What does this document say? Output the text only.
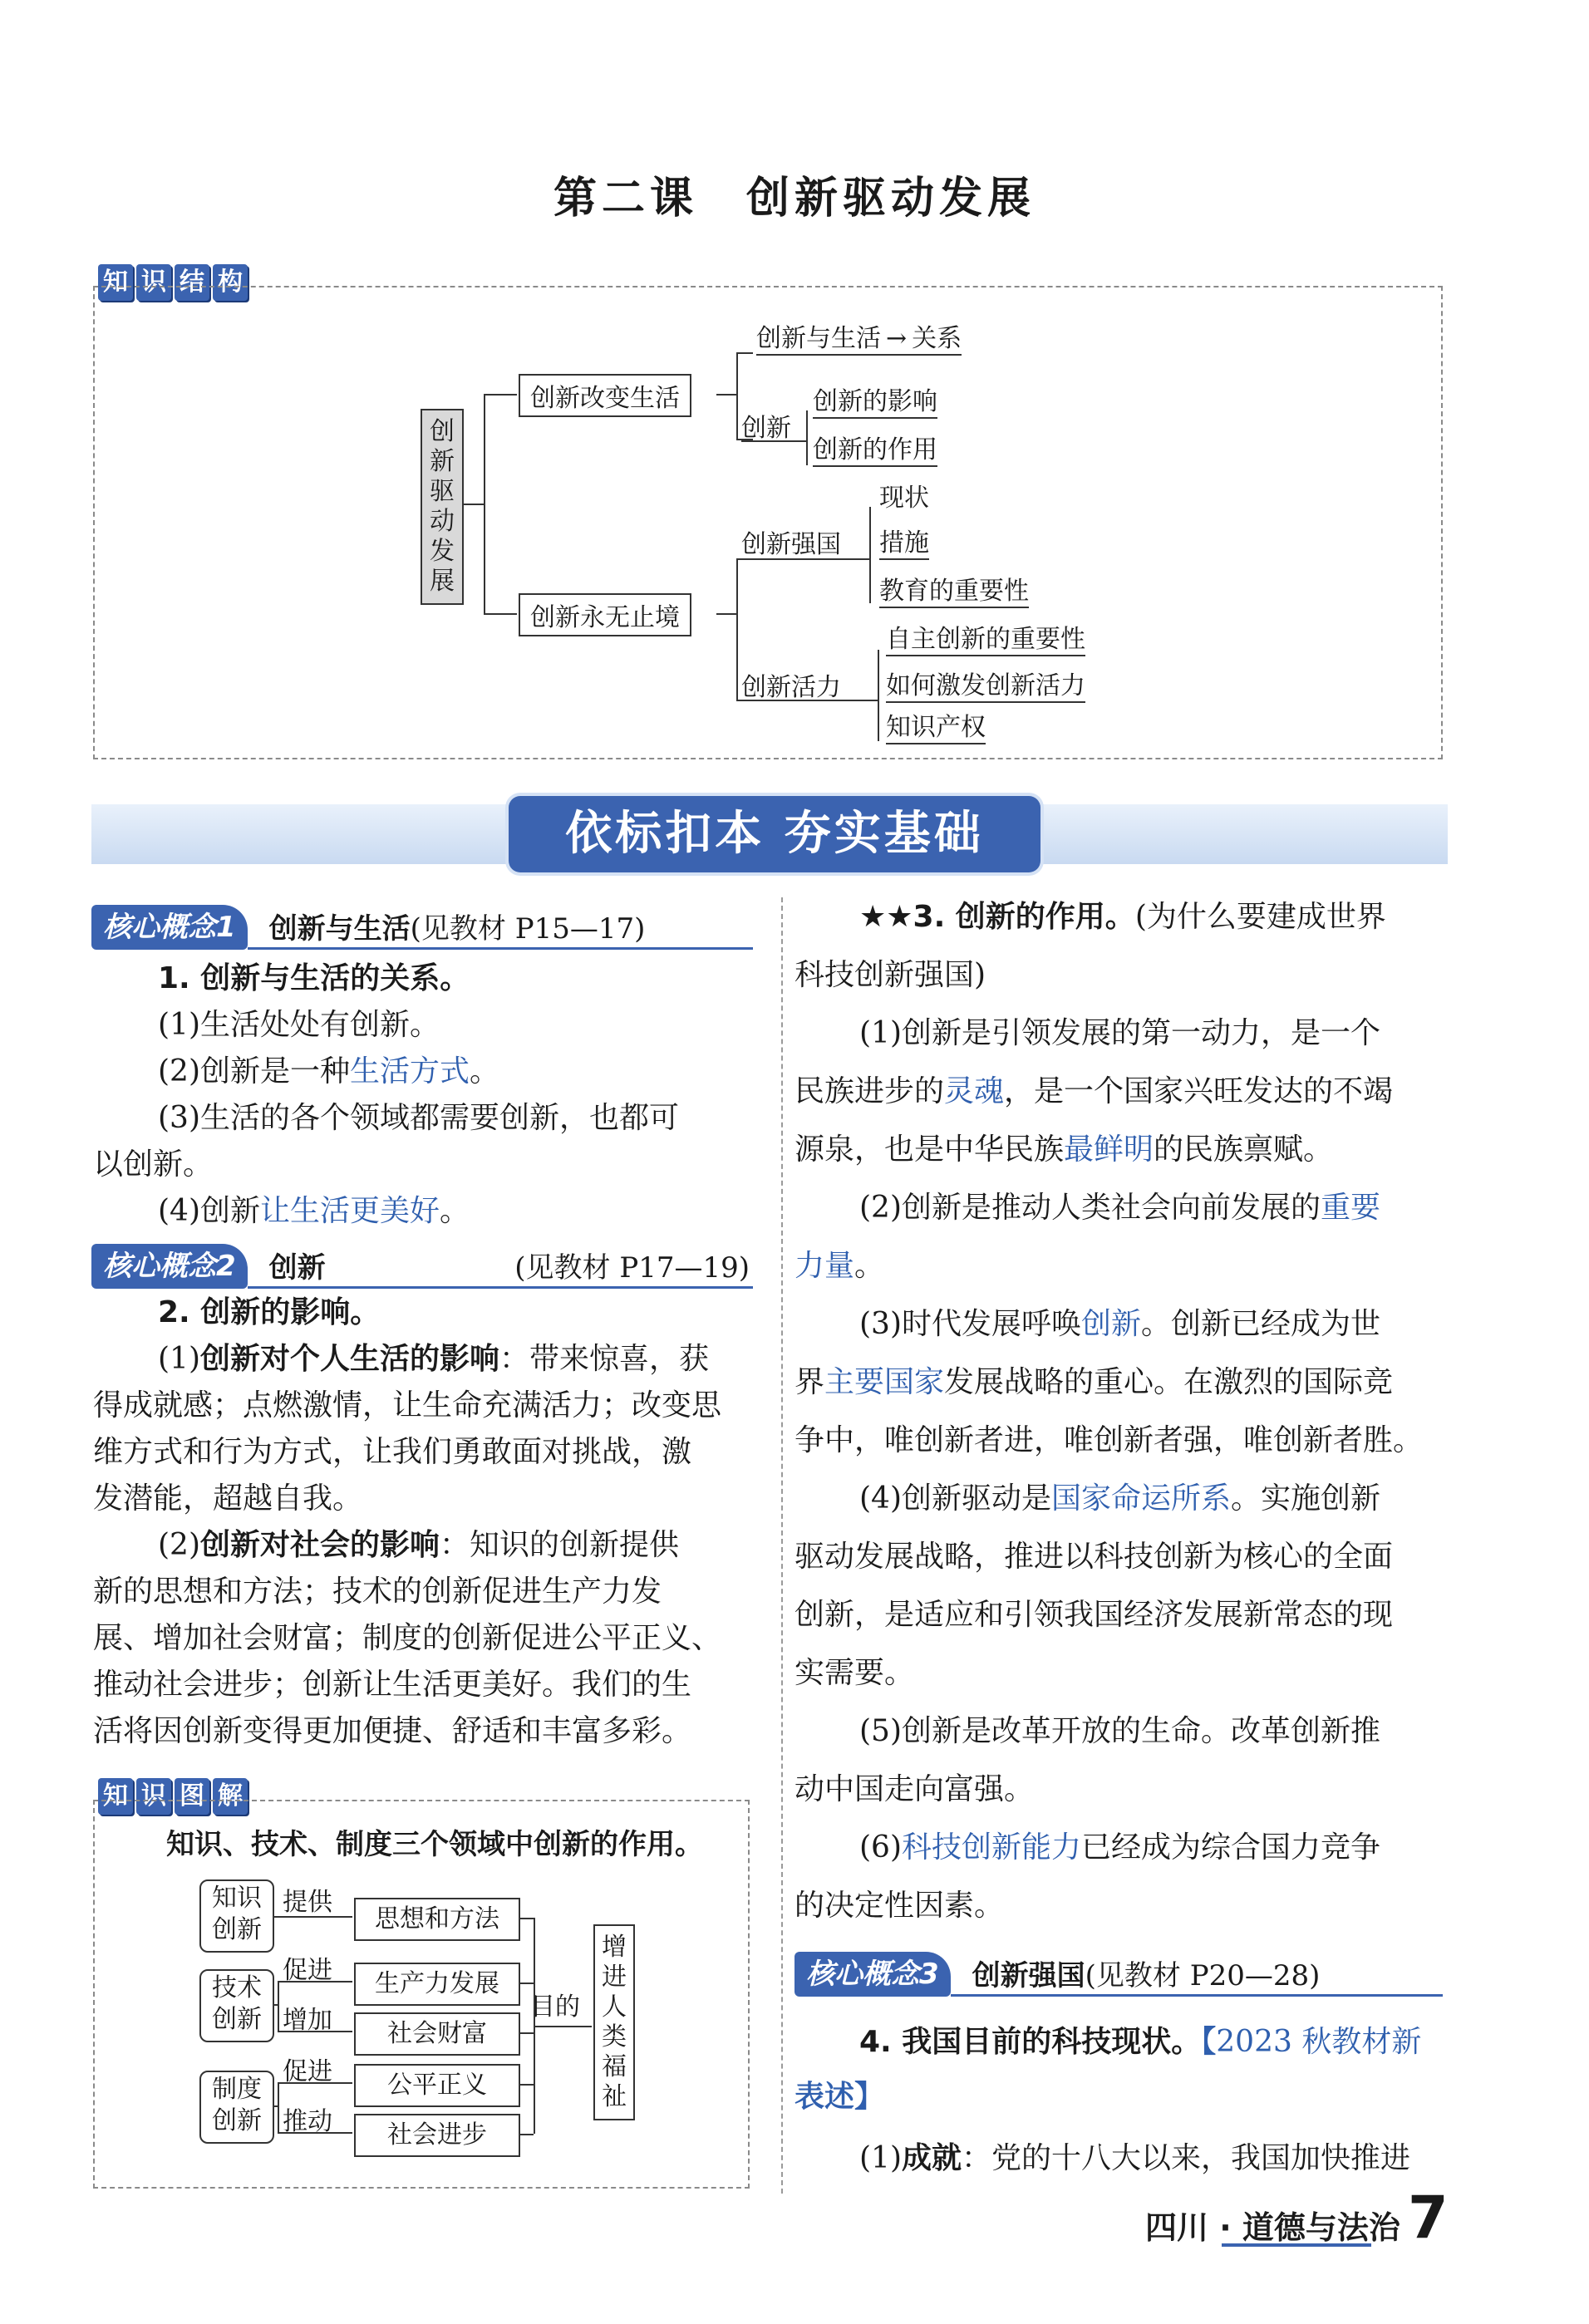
第二课　创新驱动发展
知 识 结 构
创
新
驱
动
发
展
创新改变生活
创新永无止境
创新与生活 → 关系
创新
创新的影响
创新的作用
创新强国
现状
措施
教育的重要性
创新活力
自主创新的重要性
如何激发创新活力
知识产权
依标扣本 夯实基础
核心概念1	创新与生活(见教材 P15—17)
1. 创新与生活的关系。
(1)生活处处有创新。
(2)创新是一种生活方式。
(3)生活的各个领域都需要创新，也都可
以创新。
(4)创新让生活更美好。
核心概念2	创新	(见教材 P17—19)
2. 创新的影响。
(1)创新对个人生活的影响：带来惊喜，获
得成就感；点燃激情，让生命充满活力；改变思
维方式和行为方式，让我们勇敢面对挑战，激
发潜能，超越自我。
(2)创新对社会的影响：知识的创新提供
新的思想和方法；技术的创新促进生产力发
展、增加社会财富；制度的创新促进公平正义、
推动社会进步；创新让生活更美好。我们的生
活将因创新变得更加便捷、舒适和丰富多彩。
知 识 图 解
知识、技术、制度三个领域中创新的作用。
知识创新
技术创新
制度创新
提供
促进
增加
促进
推动
思想和方法
生产力发展
社会财富
公平正义
社会进步
目的
增
进
人
类
福
祉
★★3. 创新的作用。(为什么要建成世界
科技创新强国)
(1)创新是引领发展的第一动力，是一个
民族进步的灵魂，是一个国家兴旺发达的不竭
源泉，也是中华民族最鲜明的民族禀赋。
(2)创新是推动人类社会向前发展的重要
力量。
(3)时代发展呼唤创新。创新已经成为世
界主要国家发展战略的重心。在激烈的国际竞
争中，唯创新者进，唯创新者强，唯创新者胜。
(4)创新驱动是国家命运所系。实施创新
驱动发展战略，推进以科技创新为核心的全面
创新，是适应和引领我国经济发展新常态的现
实需要。
(5)创新是改革开放的生命。改革创新推
动中国走向富强。
(6)科技创新能力已经成为综合国力竞争
的决定性因素。
核心概念3	创新强国(见教材 P20—28)
4. 我国目前的科技现状。【2023 秋教材新
表述】
(1)成就：党的十八大以来，我国加快推进
四川 · 道德与法治 7
